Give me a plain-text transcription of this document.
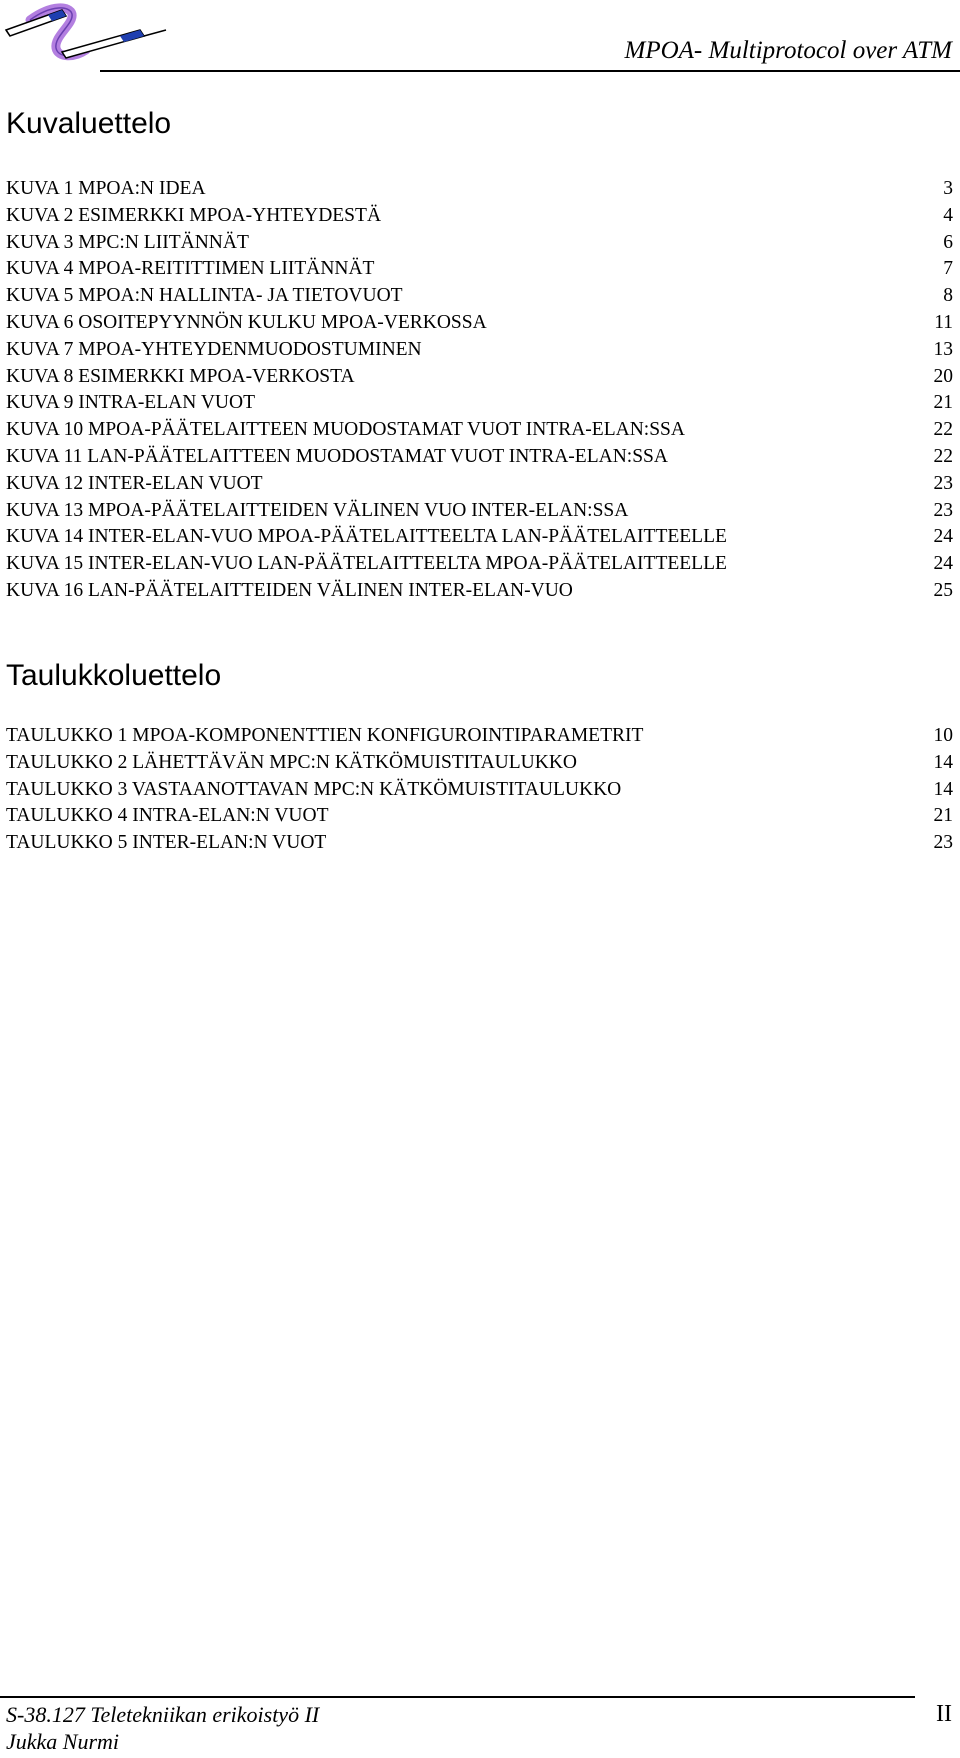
MPOA- Multiprotocol over ATM
Kuvaluettelo
KUVA 1 MPOA:N IDEA	3
KUVA 2 ESIMERKKI MPOA-YHTEYDESTÄ	4
KUVA 3 MPC:N LIITÄNNÄT	6
KUVA 4 MPOA-REITITTIMEN LIITÄNNÄT	7
KUVA 5 MPOA:N HALLINTA- JA TIETOVUOT	8
KUVA 6 OSOITEPYYNNÖN KULKU MPOA-VERKOSSA	11
KUVA 7 MPOA-YHTEYDENMUODOSTUMINEN	13
KUVA 8 ESIMERKKI MPOA-VERKOSTA	20
KUVA 9 INTRA-ELAN VUOT	21
KUVA 10 MPOA-PÄÄTELAITTEEN MUODOSTAMAT VUOT INTRA-ELAN:SSA	22
KUVA 11 LAN-PÄÄTELAITTEEN MUODOSTAMAT VUOT INTRA-ELAN:SSA	22
KUVA 12 INTER-ELAN VUOT	23
KUVA 13 MPOA-PÄÄTELAITTEIDEN VÄLINEN VUO INTER-ELAN:SSA	23
KUVA 14 INTER-ELAN-VUO MPOA-PÄÄTELAITTEELTA LAN-PÄÄTELAITTEELLE	24
KUVA 15 INTER-ELAN-VUO LAN-PÄÄTELAITTEELTA MPOA-PÄÄTELAITTEELLE	24
KUVA 16 LAN-PÄÄTELAITTEIDEN VÄLINEN INTER-ELAN-VUO	25
Taulukkoluettelo
TAULUKKO 1 MPOA-KOMPONENTTIEN KONFIGUROINTIPARAMETRIT	10
TAULUKKO 2 LÄHETTÄVÄN MPC:N KÄTKÖMUISTITAULUKKO	14
TAULUKKO 3 VASTAANOTTAVAN MPC:N KÄTKÖMUISTITAULUKKO	14
TAULUKKO 4 INTRA-ELAN:N VUOT	21
TAULUKKO 5 INTER-ELAN:N VUOT	23
S-38.127 Teletekniikan erikoistyö II
Jukka Nurmi
II
